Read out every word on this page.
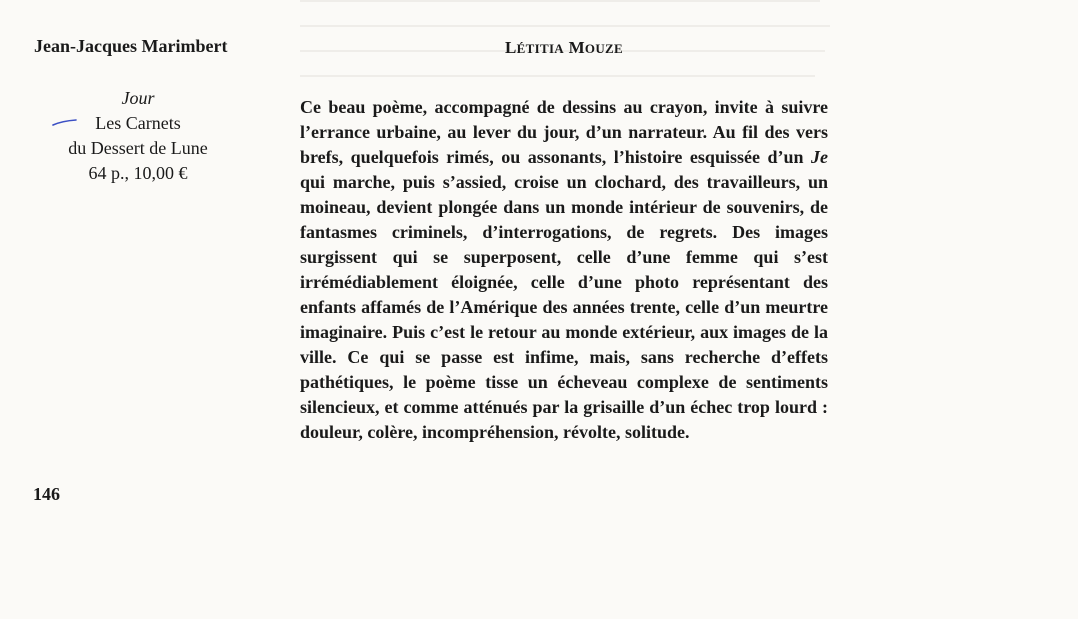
Jean-Jacques Marimbert
Jour
Les Carnets
du Dessert de Lune
64 p., 10,00 €
LÉTITIA MOUZE
Ce beau poème, accompagné de dessins au crayon, invite à suivre l’errance urbaine, au lever du jour, d’un narrateur. Au fil des vers brefs, quelquefois rimés, ou assonants, l’histoire esquissée d’un Je qui marche, puis s’assied, croise un clochard, des travailleurs, un moineau, devient plongée dans un monde intérieur de souvenirs, de fantasmes criminels, d’interrogations, de regrets. Des images surgissent qui se superposent, celle d’une femme qui s’est irrémédiablement éloignée, celle d’une photo représentant des enfants affamés de l’Amérique des années trente, celle d’un meurtre imaginaire. Puis c’est le retour au monde extérieur, aux images de la ville. Ce qui se passe est infime, mais, sans recherche d’effets pathétiques, le poème tisse un écheveau complexe de sentiments silencieux, et comme atténués par la grisaille d’un échec trop lourd : douleur, colère, incompréhension, révolte, solitude.
146
